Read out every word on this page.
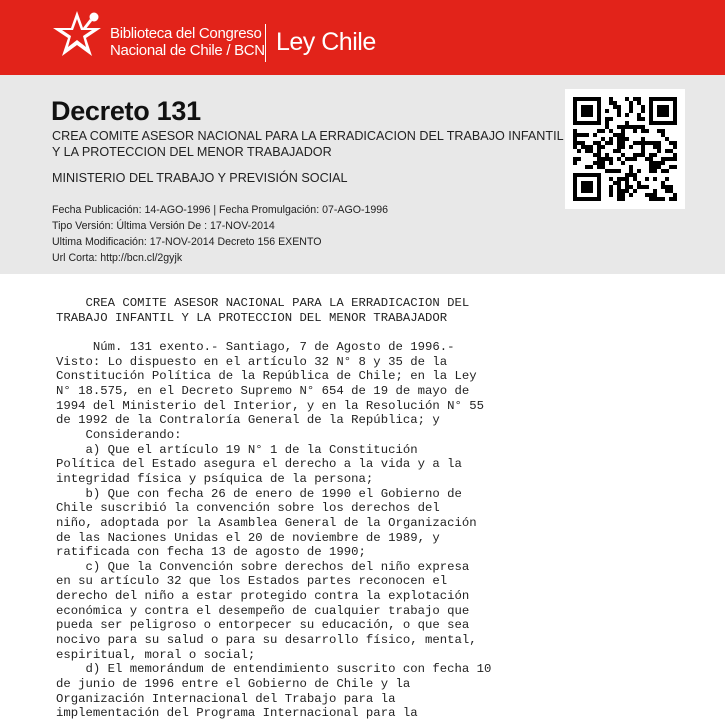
Biblioteca del Congreso
Nacional de Chile / BCN Ley Chile
Decreto 131

CREA COMITE ASESOR NACIONAL PARA LA ERRADICACION DEL TRABAJO INFANTIL Y LA PROTECCION DEL MENOR TRABAJADOR

MINISTERIO DEL TRABAJO Y PREVISIÓN SOCIAL

Fecha Publicación: 14-AGO-1996 | Fecha Promulgación: 07-AGO-1996
Tipo Versión: Última Versión De : 17-NOV-2014
Ultima Modificación: 17-NOV-2014 Decreto 156 EXENTO
Url Corta: http://bcn.cl/2gyjk
CREA COMITE ASESOR NACIONAL PARA LA ERRADICACION DEL
TRABAJO INFANTIL Y LA PROTECCION DEL MENOR TRABAJADOR

Núm. 131 exento.- Santiago, 7 de Agosto de 1996.-
Visto: Lo dispuesto en el artículo 32 N° 8 y 35 de la
Constitución Política de la República de Chile; en la Ley
N° 18.575, en el Decreto Supremo N° 654 de 19 de mayo de
1994 del Ministerio del Interior, y en la Resolución N° 55
de 1992 de la Contraloría General de la República; y
Considerando:
a) Que el artículo 19 N° 1 de la Constitución
Política del Estado asegura el derecho a la vida y a la
integridad física y psíquica de la persona;
b) Que con fecha 26 de enero de 1990 el Gobierno de
Chile suscribió la convención sobre los derechos del
niño, adoptada por la Asamblea General de la Organización
de las Naciones Unidas el 20 de noviembre de 1989, y
ratificada con fecha 13 de agosto de 1990;
c) Que la Convención sobre derechos del niño expresa
en su artículo 32 que los Estados partes reconocen el
derecho del niño a estar protegido contra la explotación
económica y contra el desempeño de cualquier trabajo que
pueda ser peligroso o entorpecer su educación, o que sea
nocivo para su salud o para su desarrollo físico, mental,
espiritual, moral o social;
d) El memorándum de entendimiento suscrito con fecha 10
de junio de 1996 entre el Gobierno de Chile y la
Organización Internacional del Trabajo para la
implementación del Programa Internacional para la
